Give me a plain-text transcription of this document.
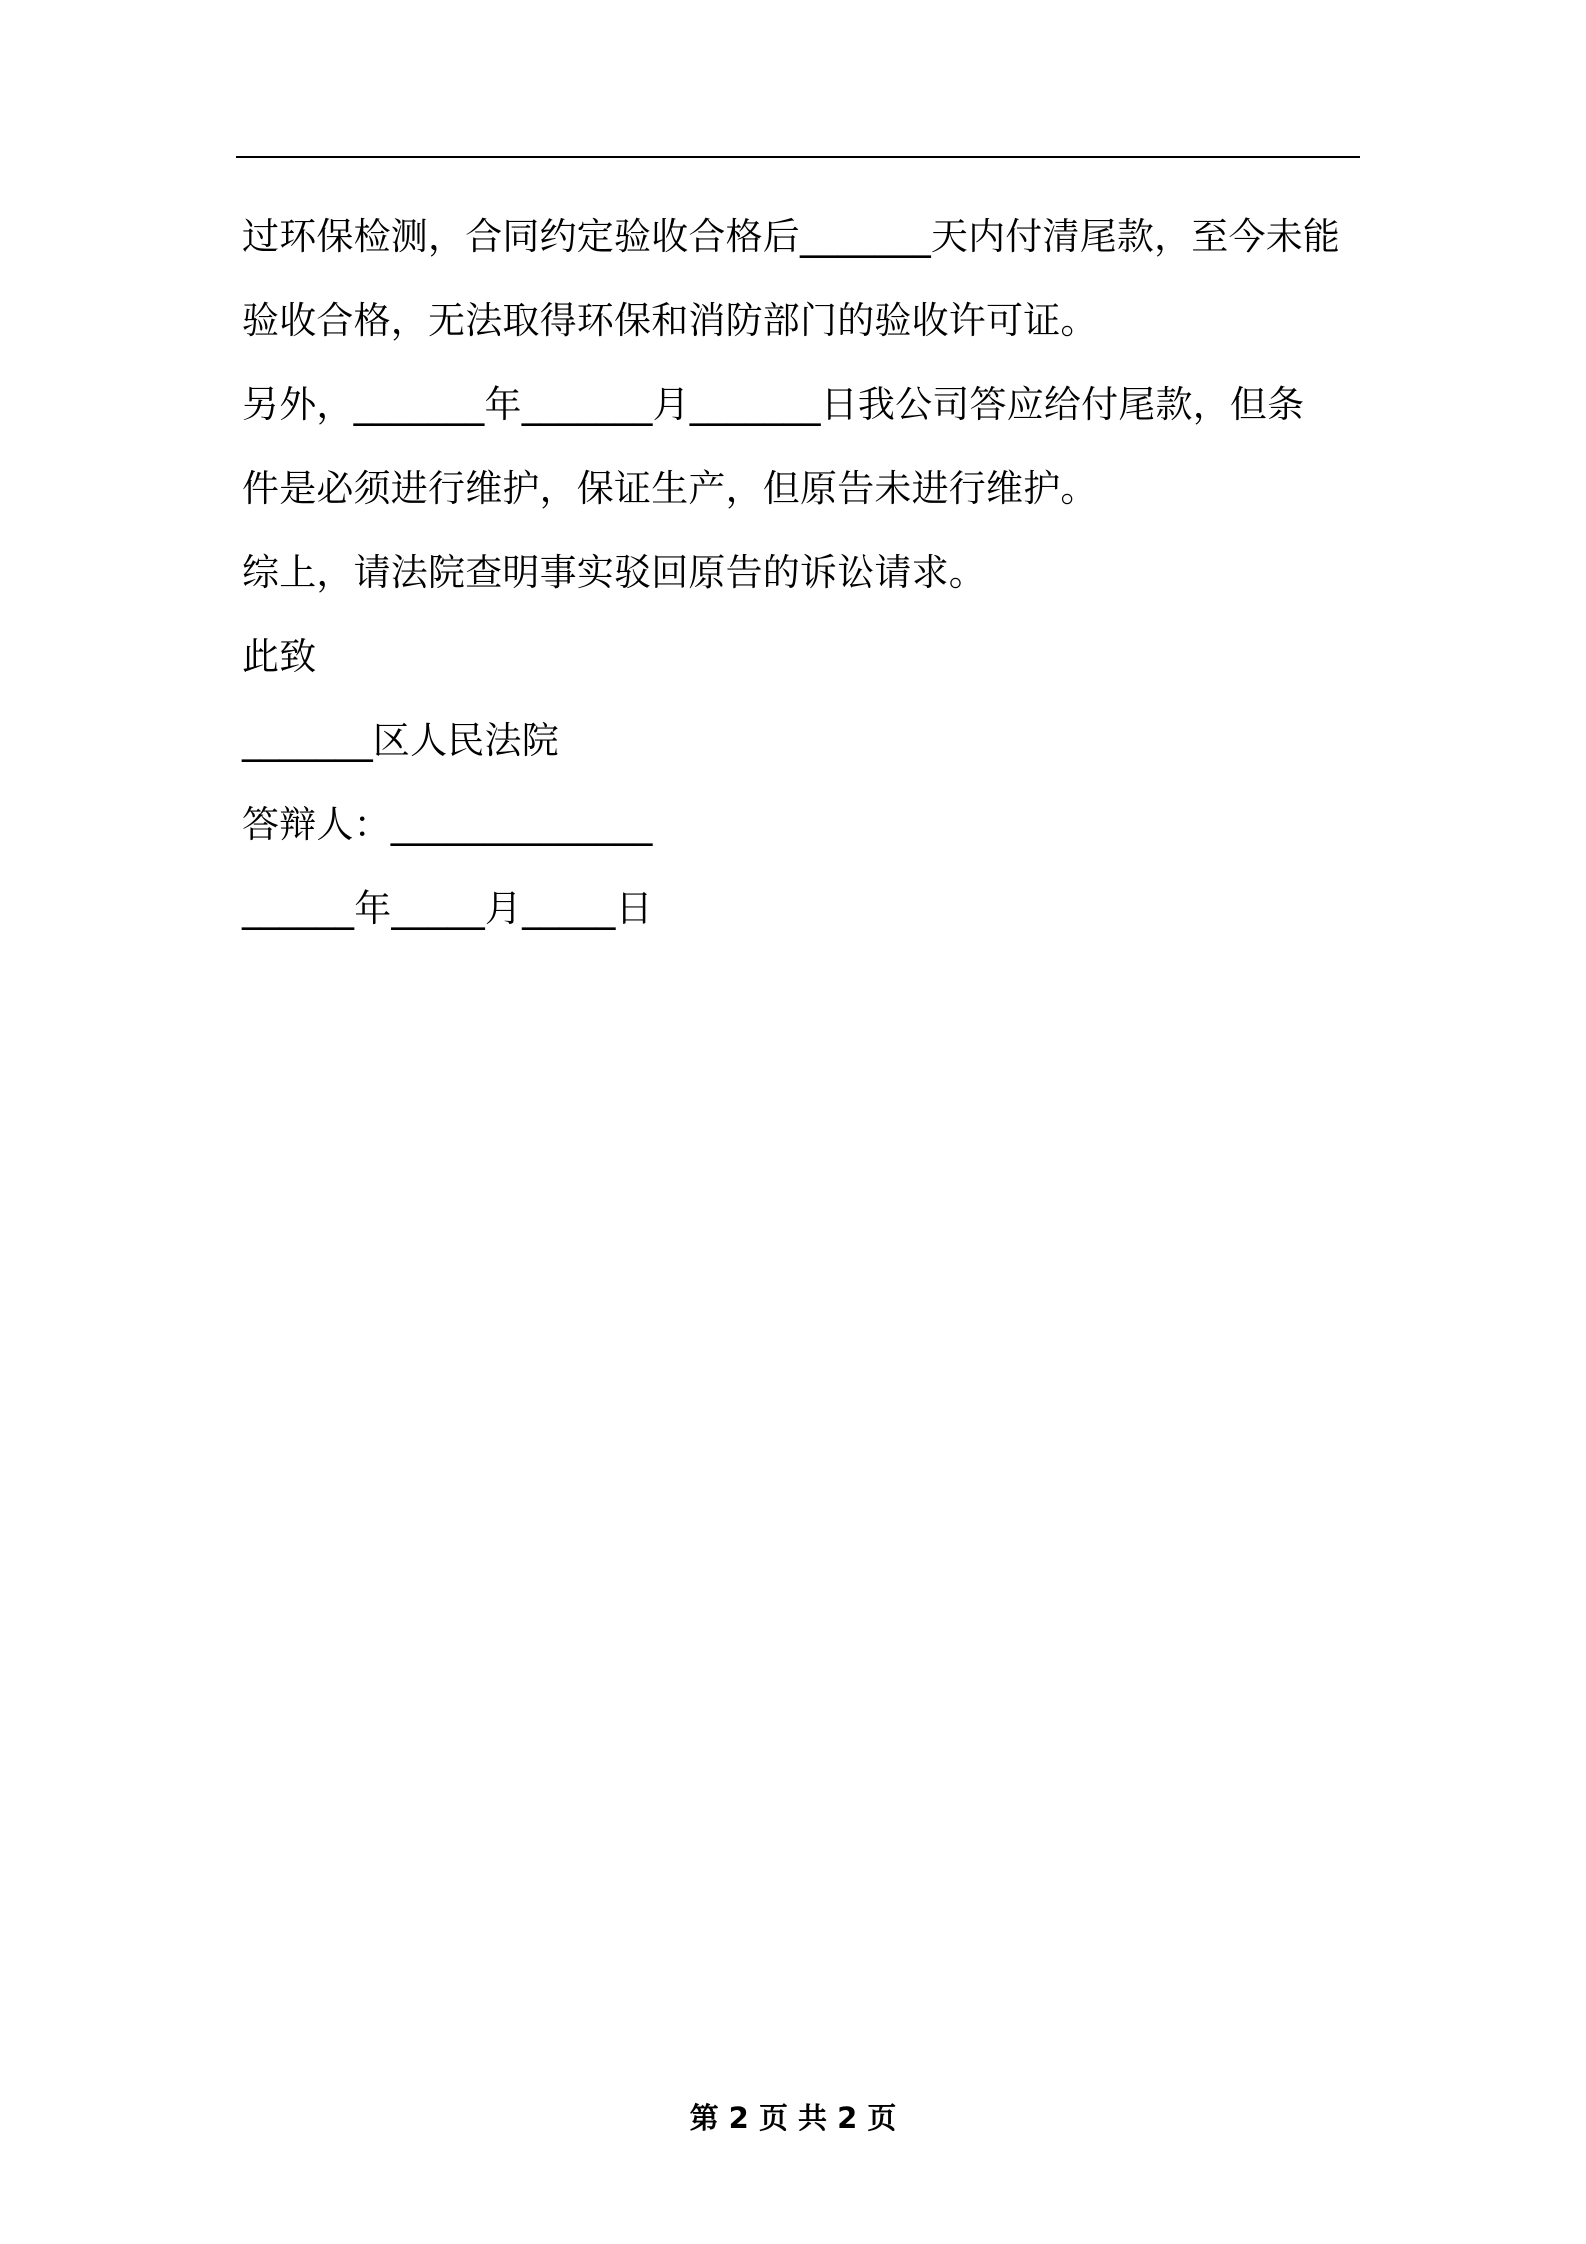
过环保检测，合同约定验收合格后_______天内付清尾款，至今未能
验收合格，无法取得环保和消防部门的验收许可证。
另外，_______年_______月_______日我公司答应给付尾款，但条
件是必须进行维护，保证生产，但原告未进行维护。
综上，请法院查明事实驳回原告的诉讼请求。
此致
_______区人民法院
答辩人：______________
______年_____月_____日
第 2 页 共 2 页
